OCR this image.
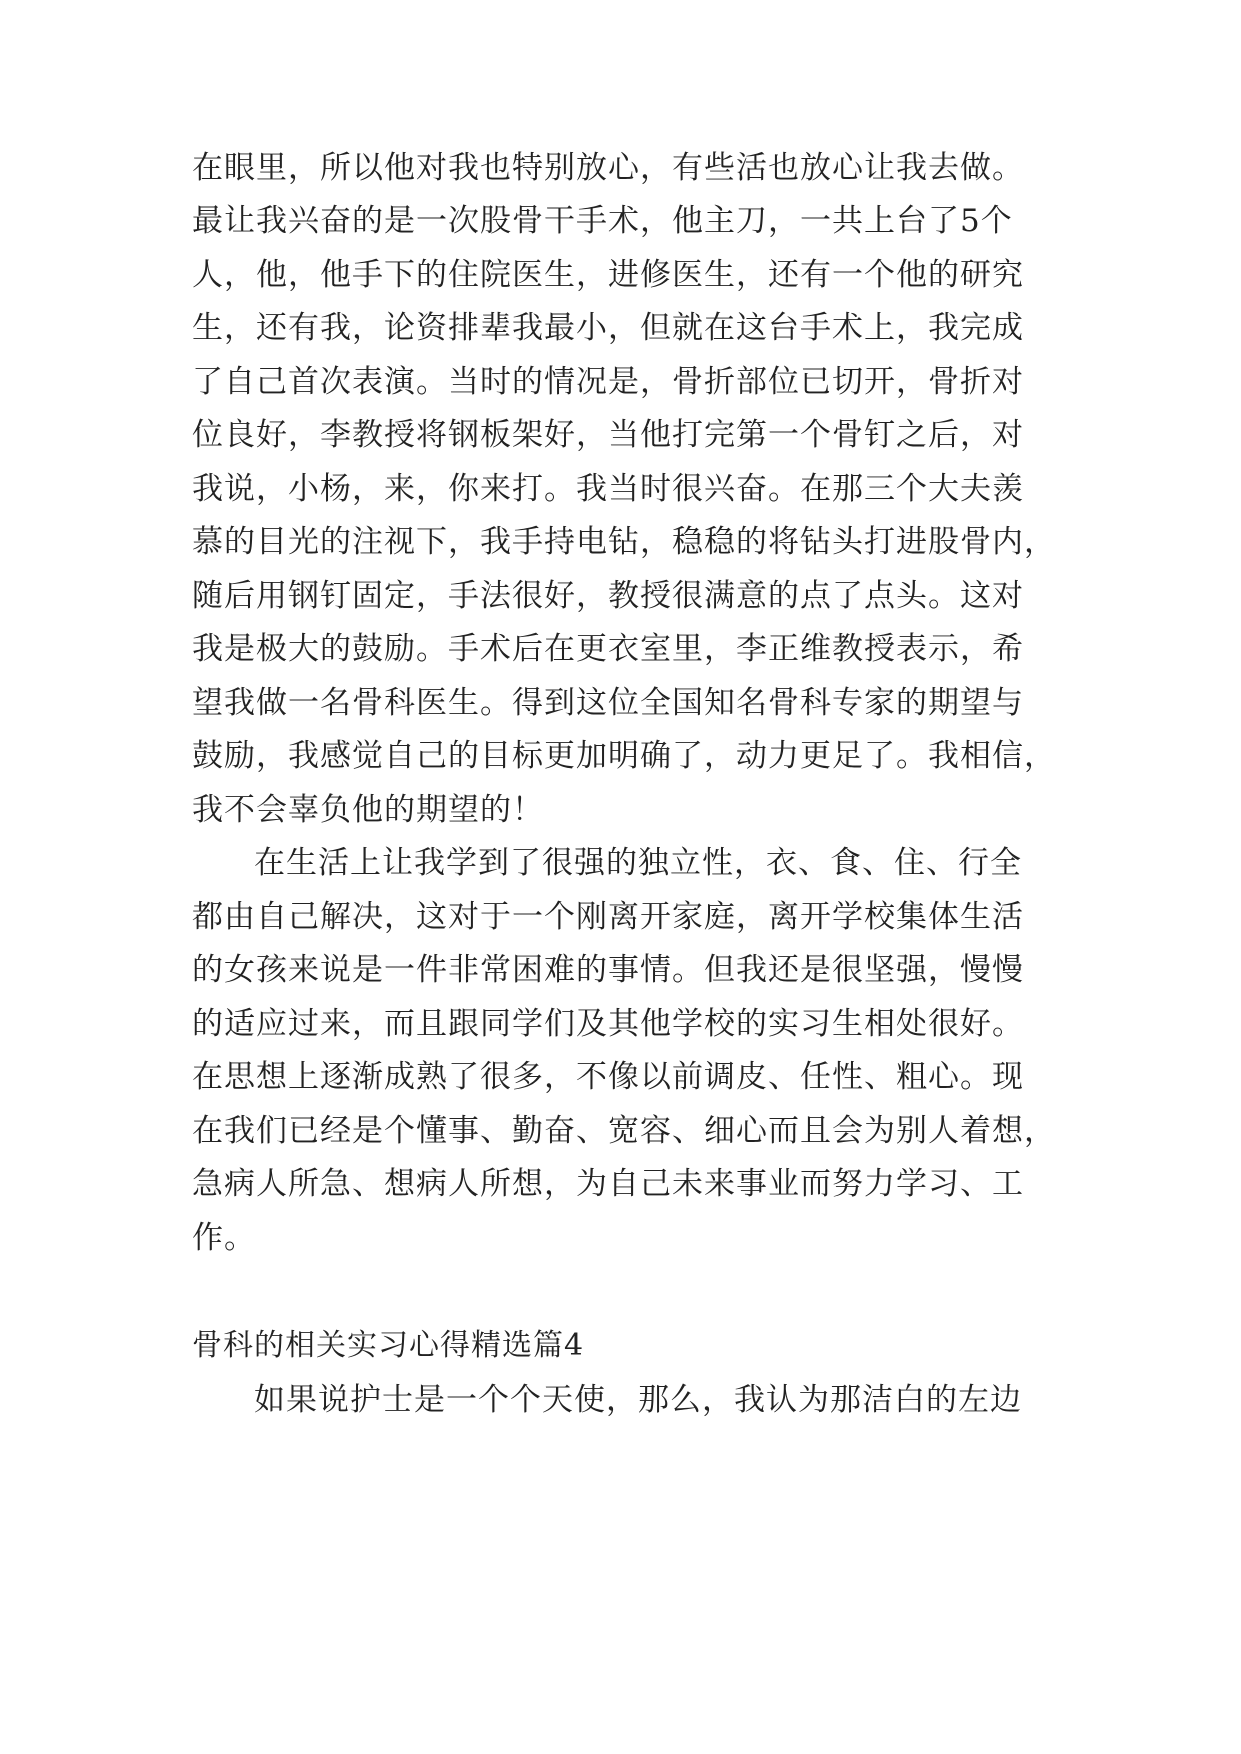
在眼里，所以他对我也特别放心，有些活也放心让我去做。
最让我兴奋的是一次股骨干手术，他主刀，一共上台了5个
人，他，他手下的住院医生，进修医生，还有一个他的研究
生，还有我，论资排辈我最小，但就在这台手术上，我完成
了自己首次表演。当时的情况是，骨折部位已切开，骨折对
位良好，李教授将钢板架好，当他打完第一个骨钉之后，对
我说，小杨，来，你来打。我当时很兴奋。在那三个大夫羡
慕的目光的注视下，我手持电钻，稳稳的将钻头打进股骨内，
随后用钢钉固定，手法很好，教授很满意的点了点头。这对
我是极大的鼓励。手术后在更衣室里，李正维教授表示，希
望我做一名骨科医生。得到这位全国知名骨科专家的期望与
鼓励，我感觉自己的目标更加明确了，动力更足了。我相信，
我不会辜负他的期望的！
在生活上让我学到了很强的独立性，衣、食、住、行全
都由自己解决，这对于一个刚离开家庭，离开学校集体生活
的女孩来说是一件非常困难的事情。但我还是很坚强，慢慢
的适应过来，而且跟同学们及其他学校的实习生相处很好。
在思想上逐渐成熟了很多，不像以前调皮、任性、粗心。现
在我们已经是个懂事、勤奋、宽容、细心而且会为别人着想，
急病人所急、想病人所想，为自己未来事业而努力学习、工
作。
骨科的相关实习心得精选篇4
如果说护士是一个个天使，那么，我认为那洁白的左边
